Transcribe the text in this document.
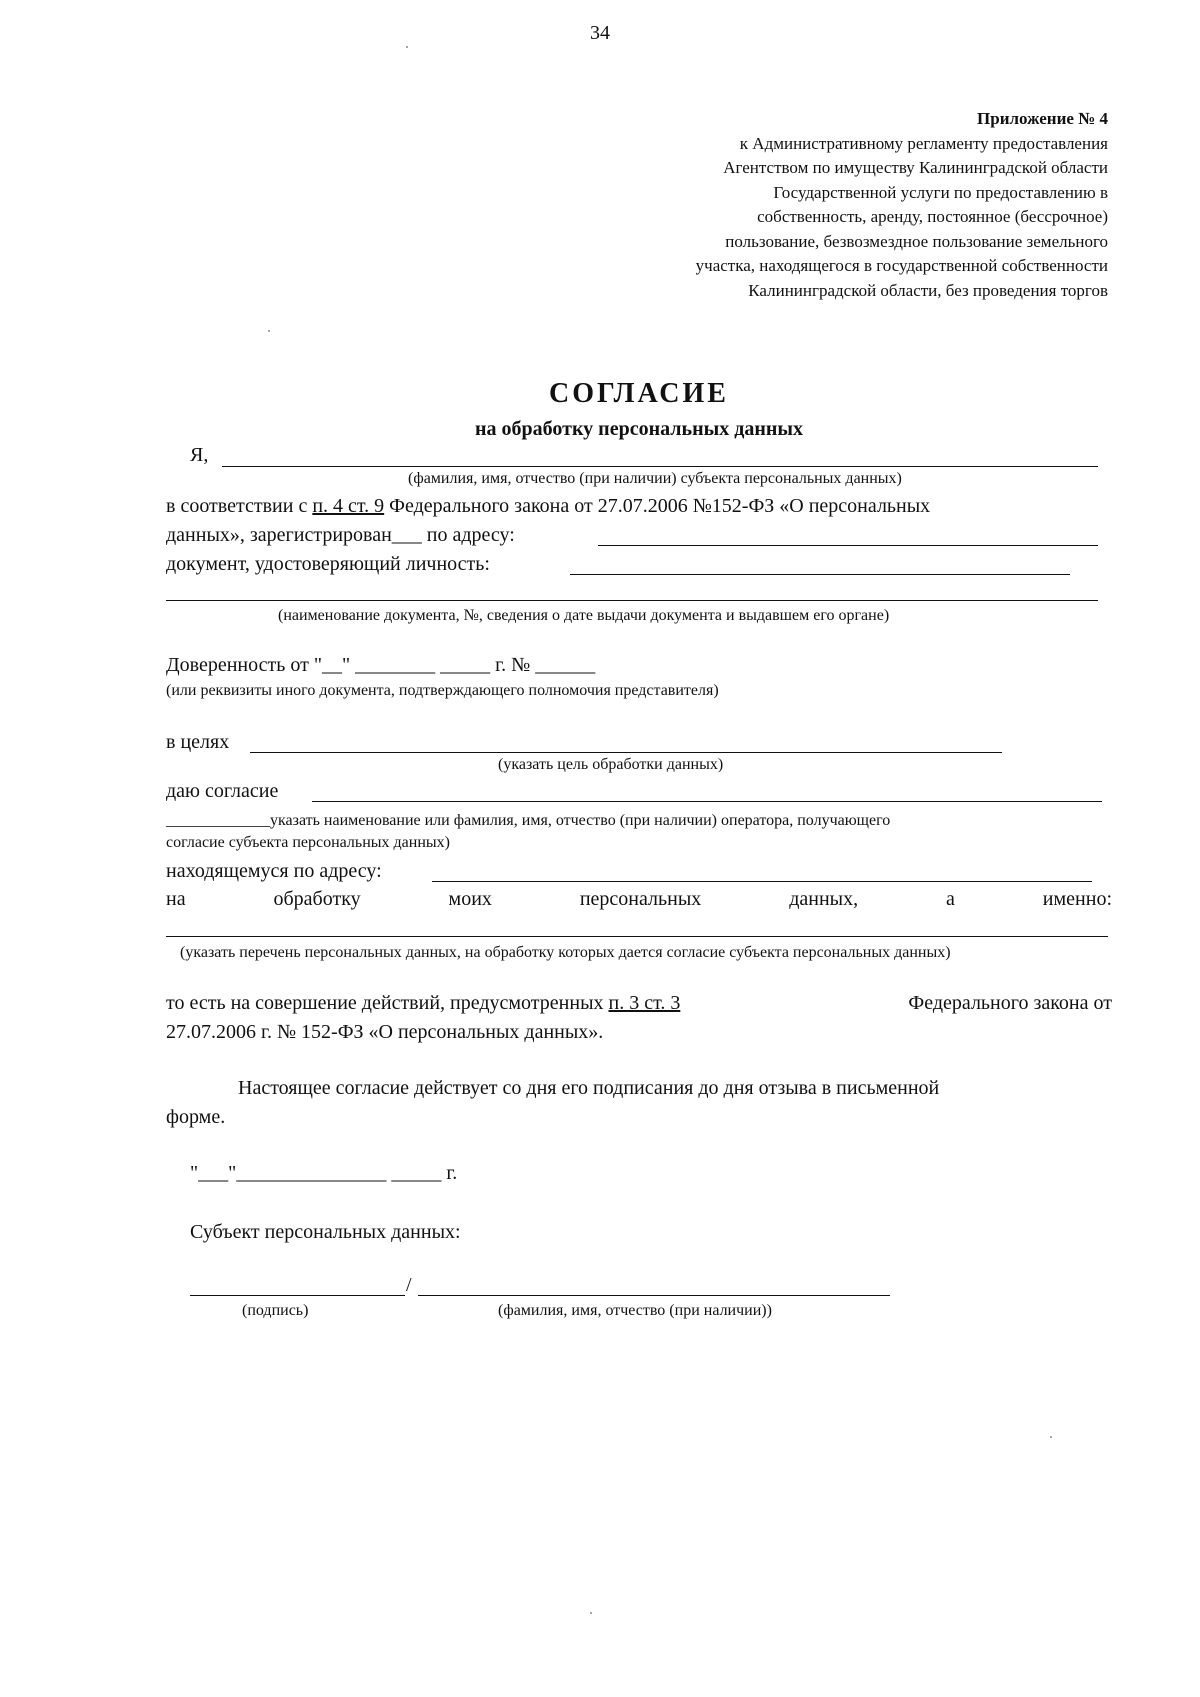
34
Приложение № 4
к Административному регламенту предоставления
Агентством по имуществу Калининградской области
Государственной услуги по предоставлению в
собственность, аренду, постоянное (бессрочное)
пользование, безвозмездное пользование земельного
участка, находящегося в государственной собственности
Калининградской области, без проведения торгов
СОГЛАСИЕ
на обработку персональных данных
Я,
(фамилия, имя, отчество (при наличии) субъекта персональных данных)
в соответствии с п. 4 ст. 9 Федерального закона от 27.07.2006 №152-ФЗ «О персональных
данных», зарегистрирован___ по адресу:
документ, удостоверяющий личность:
(наименование документа, №, сведения о дате выдачи документа и выдавшем его органе)
Доверенность от "__" ________ _____ г. № ______
(или реквизиты иного документа, подтверждающего полномочия представителя)
в целях
(указать цель обработки данных)
даю согласие
_____________указать наименование или фамилия, имя, отчество (при наличии) оператора, получающего
согласие субъекта персональных данных)
находящемуся по адресу:
на	обработку	моих	персональных	данных,	а	именно:
(указать перечень персональных данных, на обработку которых дается согласие субъекта персональных данных)
то есть на совершение действий, предусмотренных п. 3 ст. 3	Федерального закона от
27.07.2006 г. № 152-ФЗ «О персональных данных».
Настоящее согласие действует со дня его подписания до дня отзыва в письменной
форме.
"___"_______________ _____ г.
Субъект персональных данных:
/
(подпись)	(фамилия, имя, отчество (при наличии))
